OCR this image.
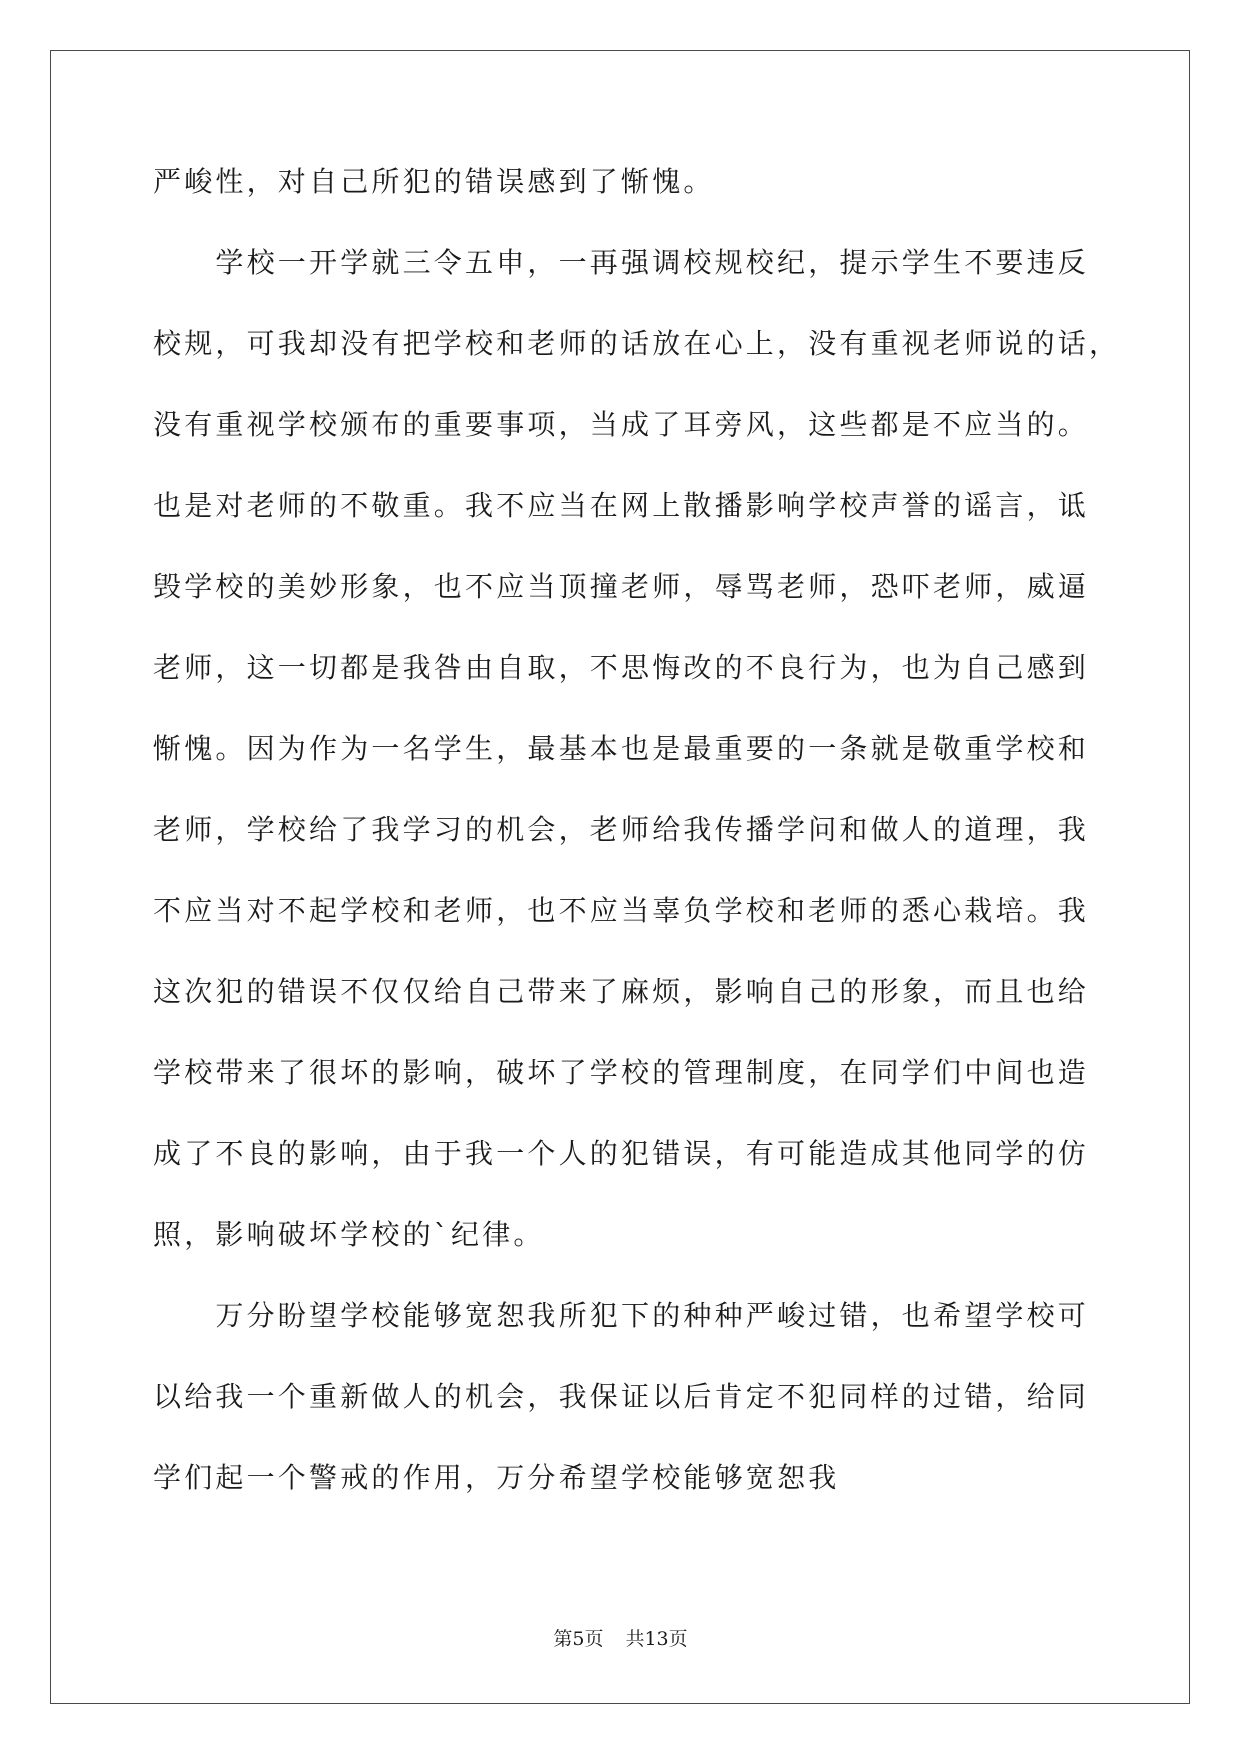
严峻性，对自己所犯的错误感到了惭愧。
　　学校一开学就三令五申，一再强调校规校纪，提示学生不要违反
校规，可我却没有把学校和老师的话放在心上，没有重视老师说的话，
没有重视学校颁布的重要事项，当成了耳旁风，这些都是不应当的。
也是对老师的不敬重。我不应当在网上散播影响学校声誉的谣言，诋
毁学校的美妙形象，也不应当顶撞老师，辱骂老师，恐吓老师，威逼
老师，这一切都是我咎由自取，不思悔改的不良行为，也为自己感到
惭愧。因为作为一名学生，最基本也是最重要的一条就是敬重学校和
老师，学校给了我学习的机会，老师给我传播学问和做人的道理，我
不应当对不起学校和老师，也不应当辜负学校和老师的悉心栽培。我
这次犯的错误不仅仅给自己带来了麻烦，影响自己的形象，而且也给
学校带来了很坏的影响，破坏了学校的管理制度，在同学们中间也造
成了不良的影响，由于我一个人的犯错误，有可能造成其他同学的仿
照，影响破坏学校的`纪律。
　　万分盼望学校能够宽恕我所犯下的种种严峻过错，也希望学校可
以给我一个重新做人的机会，我保证以后肯定不犯同样的过错，给同
学们起一个警戒的作用，万分希望学校能够宽恕我
第5页 共13页
